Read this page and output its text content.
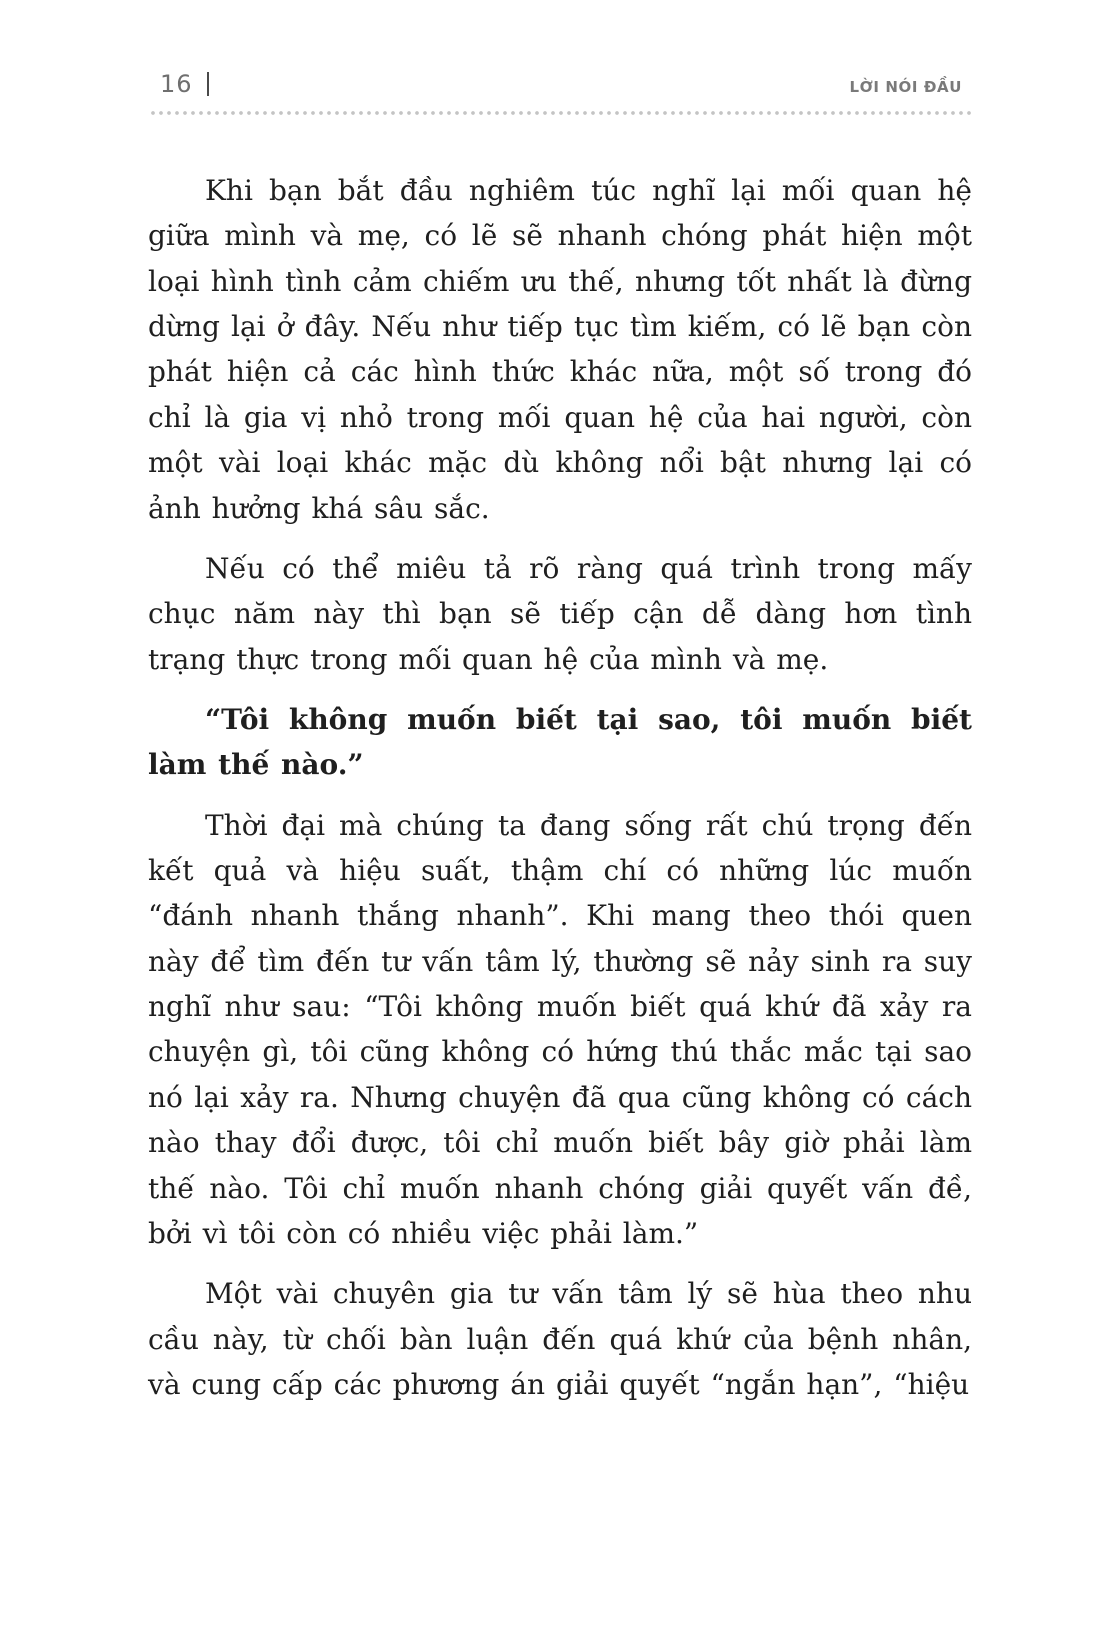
16	LỜI NÓI ĐẦU

Khi bạn bắt đầu nghiêm túc nghĩ lại mối quan hệ giữa mình và mẹ, có lẽ sẽ nhanh chóng phát hiện một loại hình tình cảm chiếm ưu thế, nhưng tốt nhất là đừng dừng lại ở đây. Nếu như tiếp tục tìm kiếm, có lẽ bạn còn phát hiện cả các hình thức khác nữa, một số trong đó chỉ là gia vị nhỏ trong mối quan hệ của hai người, còn một vài loại khác mặc dù không nổi bật nhưng lại có ảnh hưởng khá sâu sắc.

Nếu có thể miêu tả rõ ràng quá trình trong mấy chục năm này thì bạn sẽ tiếp cận dễ dàng hơn tình trạng thực trong mối quan hệ của mình và mẹ.

“Tôi không muốn biết tại sao, tôi muốn biết làm thế nào.”

Thời đại mà chúng ta đang sống rất chú trọng đến kết quả và hiệu suất, thậm chí có những lúc muốn “đánh nhanh thắng nhanh”. Khi mang theo thói quen này để tìm đến tư vấn tâm lý, thường sẽ nảy sinh ra suy nghĩ như sau: “Tôi không muốn biết quá khứ đã xảy ra chuyện gì, tôi cũng không có hứng thú thắc mắc tại sao nó lại xảy ra. Nhưng chuyện đã qua cũng không có cách nào thay đổi được, tôi chỉ muốn biết bây giờ phải làm thế nào. Tôi chỉ muốn nhanh chóng giải quyết vấn đề, bởi vì tôi còn có nhiều việc phải làm.”

Một vài chuyên gia tư vấn tâm lý sẽ hùa theo nhu cầu này, từ chối bàn luận đến quá khứ của bệnh nhân, và cung cấp các phương án giải quyết “ngắn hạn”, “hiệu
